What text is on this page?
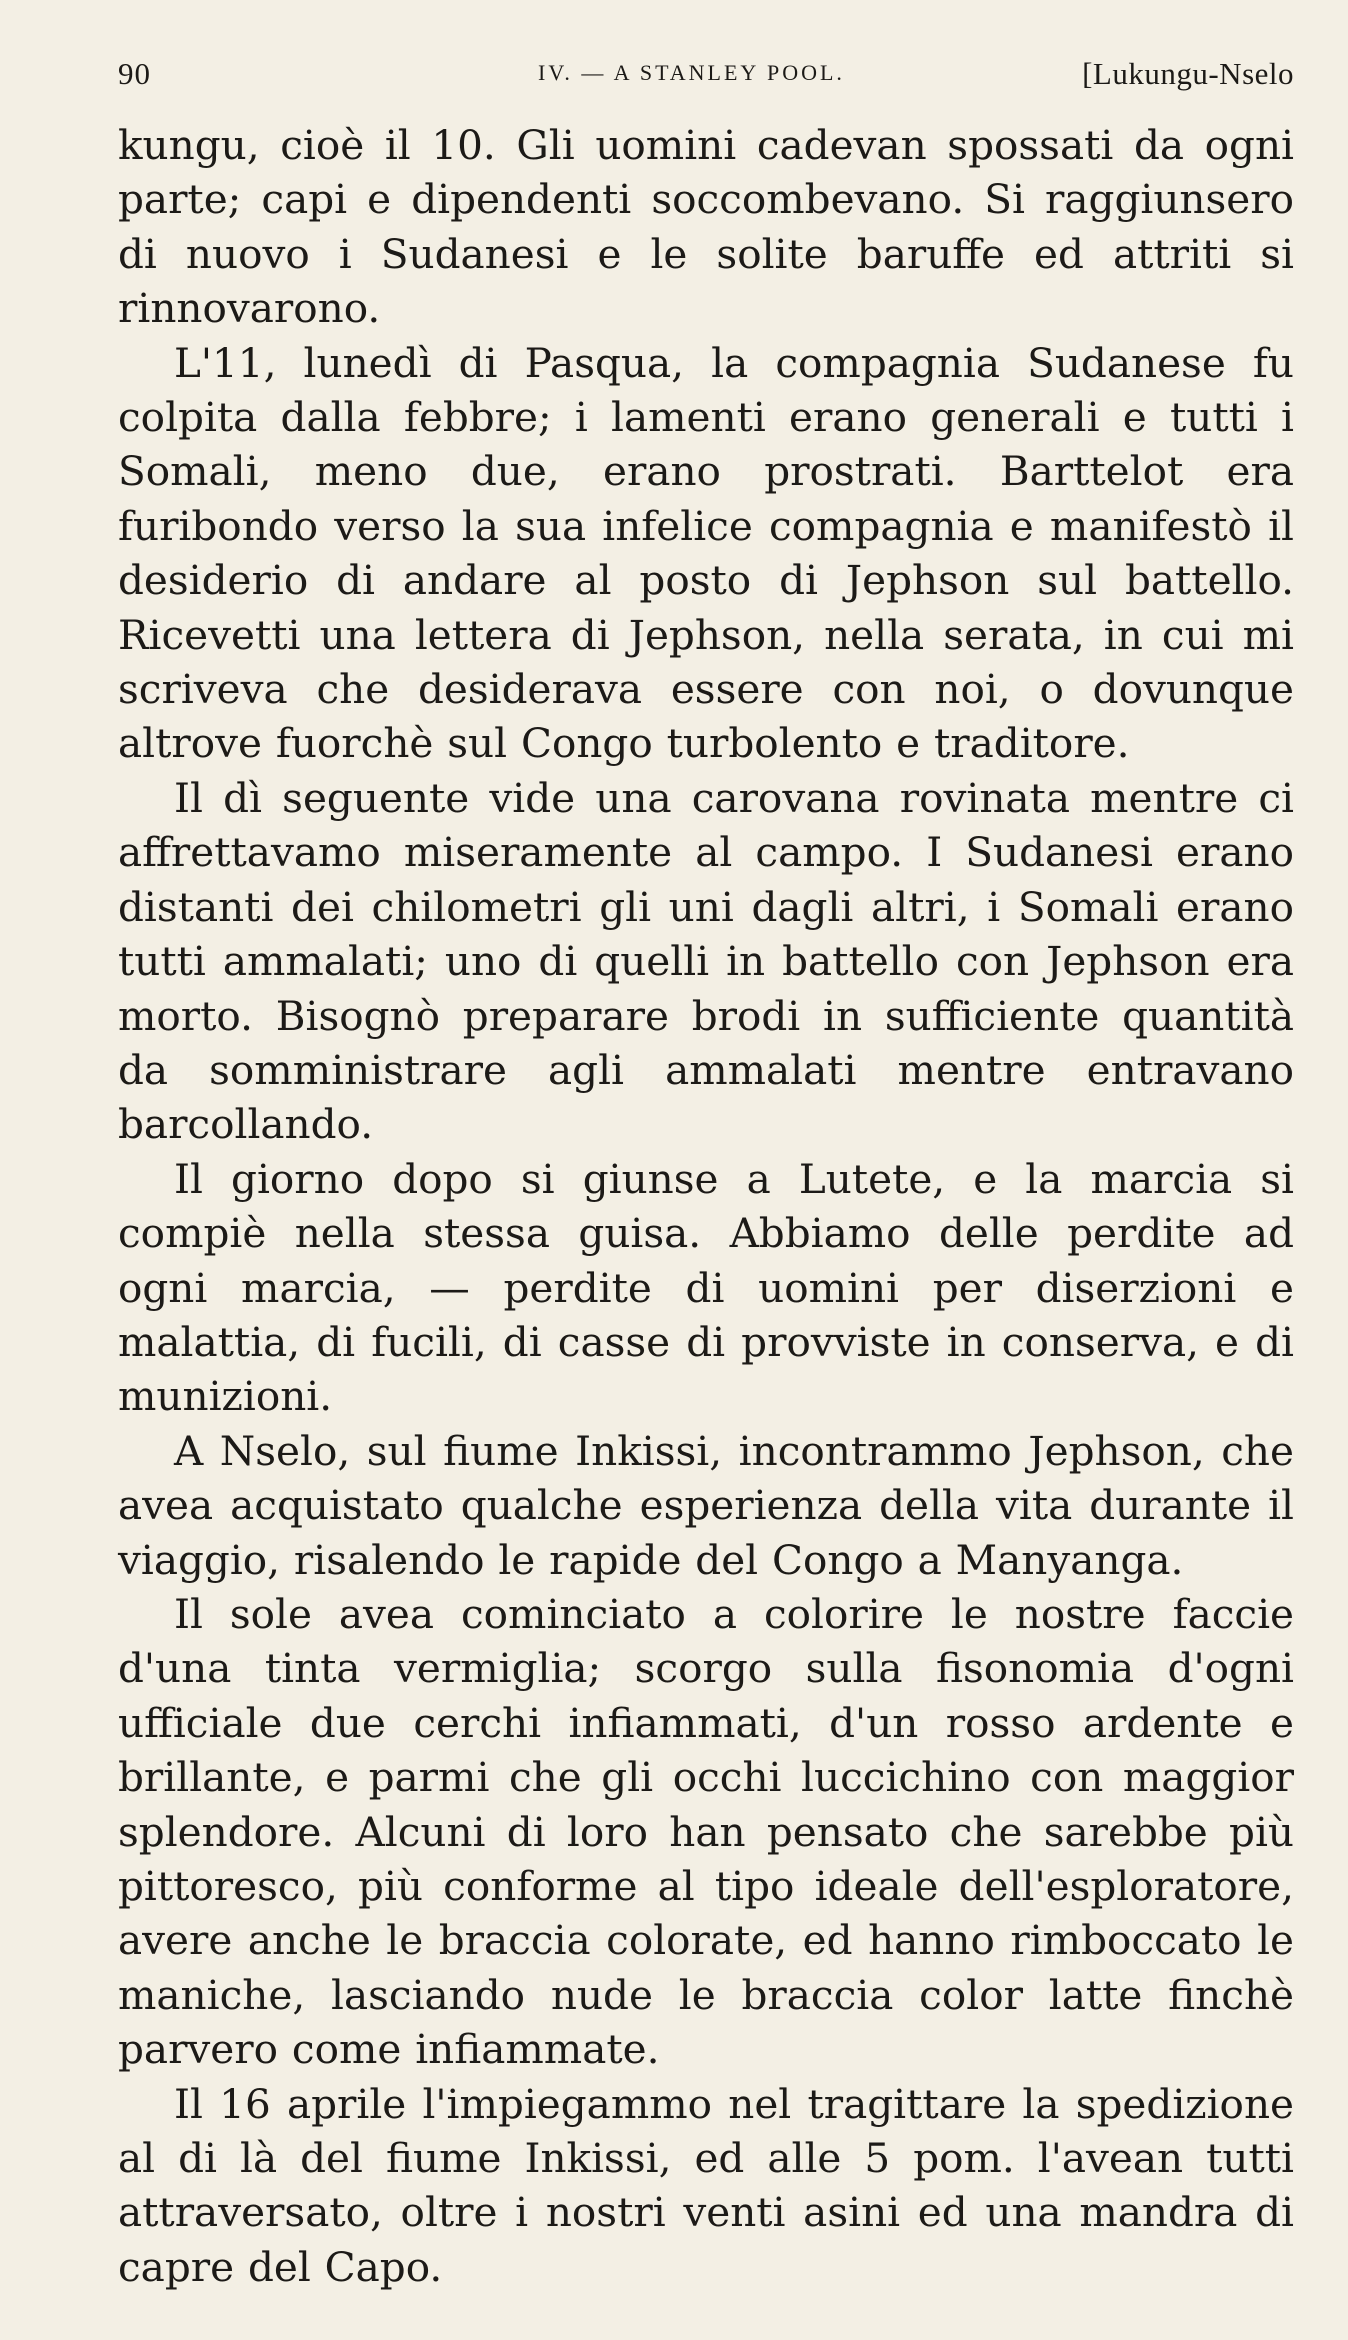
90	IV. — A STANLEY POOL.	[Lukungu-Nselo

kungu, cioè il 10. Gli uomini cadevan spossati da ogni parte; capi e dipendenti soccombevano. Si raggiunsero di nuovo i Sudanesi e le solite baruffe ed attriti si rinnovarono.

L'11, lunedì di Pasqua, la compagnia Sudanese fu colpita dalla febbre; i lamenti erano generali e tutti i Somali, meno due, erano prostrati. Barttelot era furibondo verso la sua infelice compagnia e manifestò il desiderio di andare al posto di Jephson sul battello. Ricevetti una lettera di Jephson, nella serata, in cui mi scriveva che desiderava essere con noi, o dovunque altrove fuorchè sul Congo turbolento e traditore.

Il dì seguente vide una carovana rovinata mentre ci affrettavamo miseramente al campo. I Sudanesi erano distanti dei chilometri gli uni dagli altri, i Somali erano tutti ammalati; uno di quelli in battello con Jephson era morto. Bisognò preparare brodi in sufficiente quantità da somministrare agli ammalati mentre entravano barcollando.

Il giorno dopo si giunse a Lutete, e la marcia si compiè nella stessa guisa. Abbiamo delle perdite ad ogni marcia, — perdite di uomini per diserzioni e malattia, di fucili, di casse di provviste in conserva, e di munizioni.

A Nselo, sul fiume Inkissi, incontrammo Jephson, che avea acquistato qualche esperienza della vita durante il viaggio, risalendo le rapide del Congo a Manyanga.

Il sole avea cominciato a colorire le nostre faccie d'una tinta vermiglia; scorgo sulla fisonomia d'ogni ufficiale due cerchi infiammati, d'un rosso ardente e brillante, e parmi che gli occhi luccichino con maggior splendore. Alcuni di loro han pensato che sarebbe più pittoresco, più conforme al tipo ideale dell'esploratore, avere anche le braccia colorate, ed hanno rimboccato le maniche, lasciando nude le braccia color latte finchè parvero come infiammate.

Il 16 aprile l'impiegammo nel tragittare la spedizione al di là del fiume Inkissi, ed alle 5 pom. l'avean tutti attraversato, oltre i nostri venti asini ed una mandra di capre del Capo.
